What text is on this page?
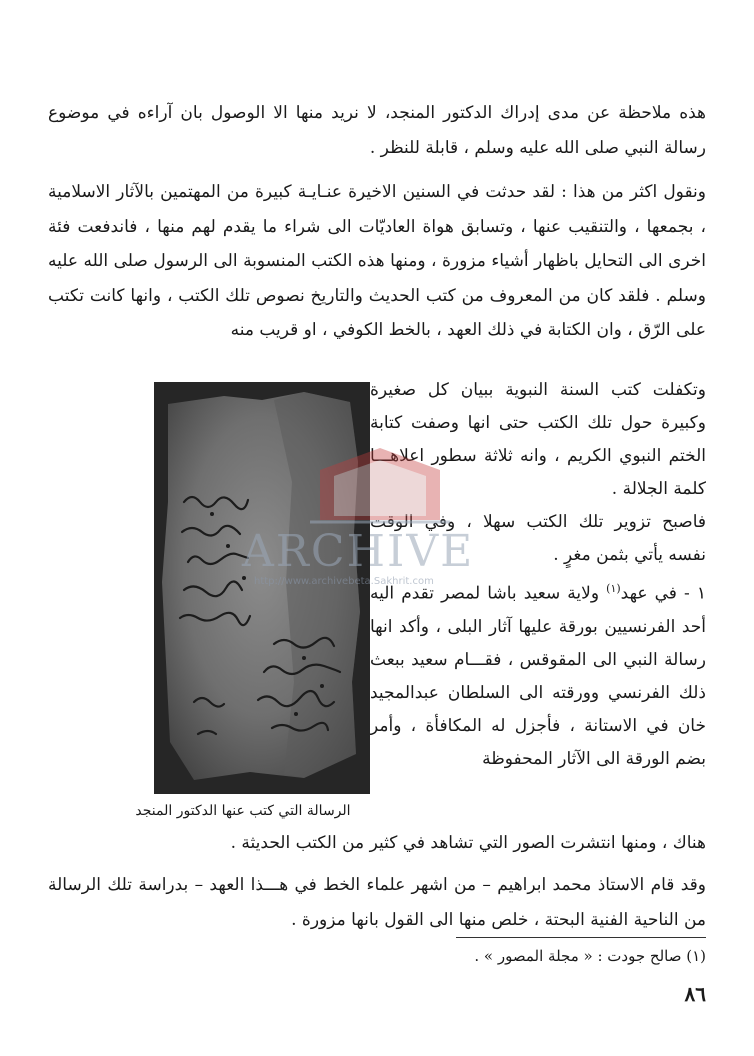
هذه ملاحظة عن مدى إدراك الدكتور المنجد، لا نريد منها الا الوصول بان آراءه في موضوع رسالة النبي صلى الله عليه وسلم ، قابلة للنظر .

ونقول اكثر من هذا : لقد حدثت في السنين الاخيرة عنـايـة كبيرة من المهتمين بالآثار الاسلامية ، بجمعها ، والتنقيب عنها ، وتسابق هواة العاديّات الى شراء ما يقدم لهم منها ، فاندفعت فئة اخرى الى التحايل باظهار أشياء مزورة ، ومنها هذه الكتب المنسوبة الى الرسول صلى الله عليه وسلم . فلقد كان من المعروف من كتب الحديث والتاريخ نصوص تلك الكتب ، وانها كانت تكتب على الرّق ، وان الكتابة في ذلك العهد ، بالخط الكوفي ، او قريب منه

وتكفلت كتب السنة النبوية ببيان كل صغيرة وكبيرة حول تلك الكتب حتى انها وصفت كتابة الختم النبوي الكريم ، وانه ثلاثة سطور اعلاهـــا كلمة الجلالة .

فاصبح تزوير تلك الكتب سهلا ، وفي الوقت نفسه يأتي بثمن مغرٍ .

١ - في عهد$^{(١)}$ ولاية سعيد باشا لمصر تقدم اليه أحد الفرنسيين بورقة عليها آثار البلى ، وأكد انها رسالة النبي الى المقوقس ، فقـــام سعيد ببعث ذلك الفرنسي وورقته الى السلطان عبدالمجيد خان في الاستانة ، فأجزل له المكافأة ، وأمر بضم الورقة الى الآثار المحفوظة

الرسالة التي كتب عنها الدكتور المنجد

هناك ، ومنها انتشرت الصور التي تشاهد في كثير من الكتب الحديثة .

وقد قام الاستاذ محمد ابراهيم – من اشهر علماء الخط في هـــذا العهد – بدراسة تلك الرسالة من الناحية الفنية البحتة ، خلص منها الى القول بانها مزورة .

(١) صالح جودت : « مجلة المصور » .
٨٦
ARCHIVE
http://www.archivebeta.Sakhrit.com
